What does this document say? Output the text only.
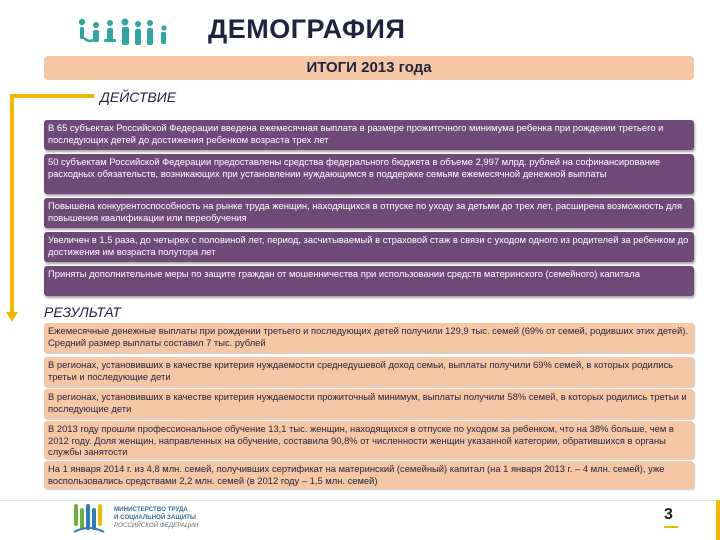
ДЕМОГРАФИЯ
ИТОГИ 2013 года
ДЕЙСТВИЕ
В 65 субъектах Российской Федерации введена ежемесячная выплата в размере прожиточного минимума ребенка при рождении третьего и последующих детей до достижения ребенком возраста трех лет
50 субъектам Российской Федерации предоставлены средства федерального бюджета в объеме 2,997 млрд. рублей на софинансирование расходных обязательств, возникающих при установлении нуждающимся в поддержке семьям ежемесячной денежной выплаты
Повышена конкурентоспособность на рынке труда женщин, находящихся в отпуске по уходу за детьми до трех лет, расширена возможность для повышения квалификации или переобучения
Увеличен в 1,5 раза, до четырех с половиной лет, период, засчитываемый в страховой стаж в связи с уходом одного из родителей за ребенком до достижения им возраста полутора лет
Приняты дополнительные меры по защите граждан от мошенничества при использовании средств материнского (семейного) капитала
РЕЗУЛЬТАТ
Ежемесячные денежные выплаты при рождении третьего и последующих детей получили 129,9 тыс. семей (69% от семей, родивших этих детей). Средний размер выплаты составил 7 тыс. рублей
В регионах, установивших в качестве критерия нуждаемости среднедушевой доход семьи, выплаты получили 69% семей, в которых родились третьи и последующие дети
В регионах, установивших в качестве критерия нуждаемости прожиточный минимум, выплаты получили 58% семей, в которых родились третьи и последующие дети
В 2013 году прошли профессиональное обучение 13,1 тыс. женщин, находящихся в отпуске по уходом за ребенком, что на 38% больше, чем в 2012 году. Доля женщин, направленных на обучение, составила 90,8% от численности женщин указанной категории, обратившихся в органы службы занятости
На 1 января 2014 г. из 4,8 млн. семей, получивших сертификат на материнский (семейный) капитал (на 1 января 2013 г. – 4 млн. семей), уже воспользовались средствами 2,2 млн. семей (в 2012 году – 1,5 млн. семей)
МИНИСТЕРСТВО ТРУДА
И СОЦИАЛЬНОЙ ЗАЩИТЫ
РОССИЙСКОЙ ФЕДЕРАЦИИ
3
